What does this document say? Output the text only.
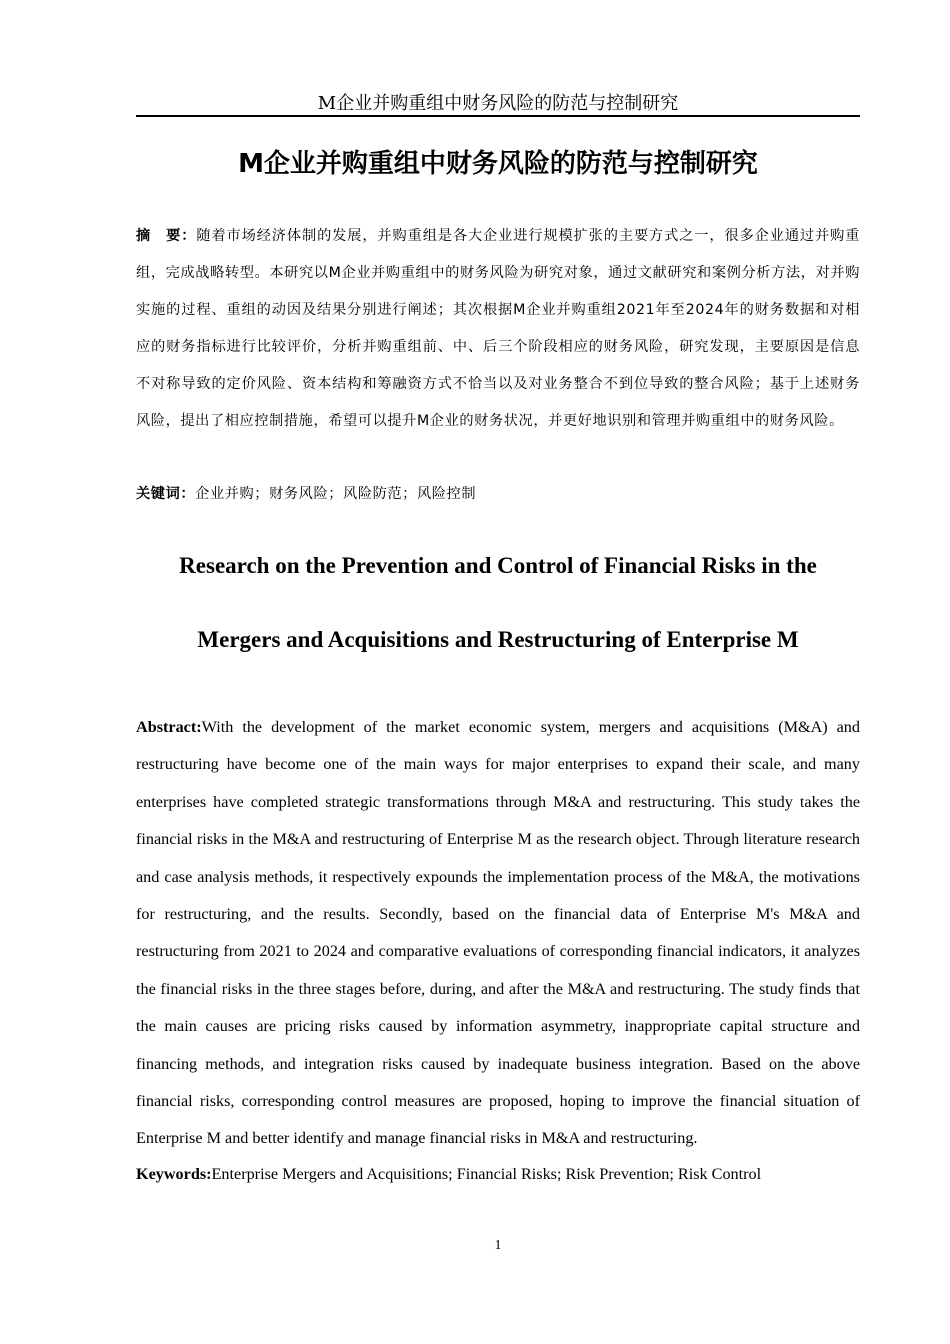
M企业并购重组中财务风险的防范与控制研究
M企业并购重组中财务风险的防范与控制研究

摘　要：随着市场经济体制的发展，并购重组是各大企业进行规模扩张的主要方式之一，很多企业通过并购重组，完成战略转型。本研究以M企业并购重组中的财务风险为研究对象，通过文献研究和案例分析方法，对并购实施的过程、重组的动因及结果分别进行阐述；其次根据M企业并购重组2021年至2024年的财务数据和对相应的财务指标进行比较评价，分析并购重组前、中、后三个阶段相应的财务风险，研究发现，主要原因是信息不对称导致的定价风险、资本结构和筹融资方式不恰当以及对业务整合不到位导致的整合风险；基于上述财务风险，提出了相应控制措施，希望可以提升M企业的财务状况，并更好地识别和管理并购重组中的财务风险。

关键词：企业并购；财务风险；风险防范；风险控制

Research on the Prevention and Control of Financial Risks in the
Mergers and Acquisitions and Restructuring of Enterprise M

Abstract:With the development of the market economic system, mergers and acquisitions (M&A) and restructuring have become one of the main ways for major enterprises to expand their scale, and many enterprises have completed strategic transformations through M&A and restructuring. This study takes the financial risks in the M&A and restructuring of Enterprise M as the research object. Through literature research and case analysis methods, it respectively expounds the implementation process of the M&A, the motivations for restructuring, and the results. Secondly, based on the financial data of Enterprise M's M&A and restructuring from 2021 to 2024 and comparative evaluations of corresponding financial indicators, it analyzes the financial risks in the three stages before, during, and after the M&A and restructuring. The study finds that the main causes are pricing risks caused by information asymmetry, inappropriate capital structure and financing methods, and integration risks caused by inadequate business integration. Based on the above financial risks, corresponding control measures are proposed, hoping to improve the financial situation of Enterprise M and better identify and manage financial risks in M&A and restructuring.

Keywords:Enterprise Mergers and Acquisitions; Financial Risks; Risk Prevention; Risk Control

1
